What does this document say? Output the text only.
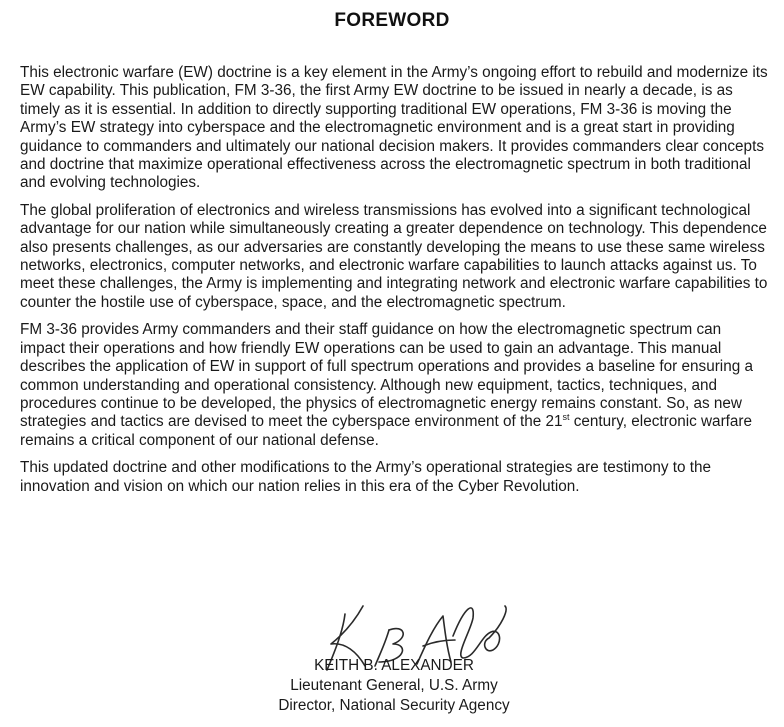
FOREWORD

This electronic warfare (EW) doctrine is a key element in the Army’s ongoing effort to rebuild and modernize its EW capability. This publication, FM 3-36, the first Army EW doctrine to be issued in nearly a decade, is as timely as it is essential. In addition to directly supporting traditional EW operations, FM 3-36 is moving the Army’s EW strategy into cyberspace and the electromagnetic environment and is a great start in providing guidance to commanders and ultimately our national decision makers. It provides commanders clear concepts and doctrine that maximize operational effectiveness across the electromagnetic spectrum in both traditional and evolving technologies.

The global proliferation of electronics and wireless transmissions has evolved into a significant technological advantage for our nation while simultaneously creating a greater dependence on technology. This dependence also presents challenges, as our adversaries are constantly developing the means to use these same wireless networks, electronics, computer networks, and electronic warfare capabilities to launch attacks against us. To meet these challenges, the Army is implementing and integrating network and electronic warfare capabilities to counter the hostile use of cyberspace, space, and the electromagnetic spectrum.

FM 3-36 provides Army commanders and their staff guidance on how the electromagnetic spectrum can impact their operations and how friendly EW operations can be used to gain an advantage. This manual describes the application of EW in support of full spectrum operations and provides a baseline for ensuring a common understanding and operational consistency. Although new equipment, tactics, techniques, and procedures continue to be developed, the physics of electromagnetic energy remains constant. So, as new strategies and tactics are devised to meet the cyberspace environment of the 21st century, electronic warfare remains a critical component of our national defense.

This updated doctrine and other modifications to the Army’s operational strategies are testimony to the innovation and vision on which our nation relies in this era of the Cyber Revolution.

KEITH B. ALEXANDER
Lieutenant General, U.S. Army
Director, National Security Agency
